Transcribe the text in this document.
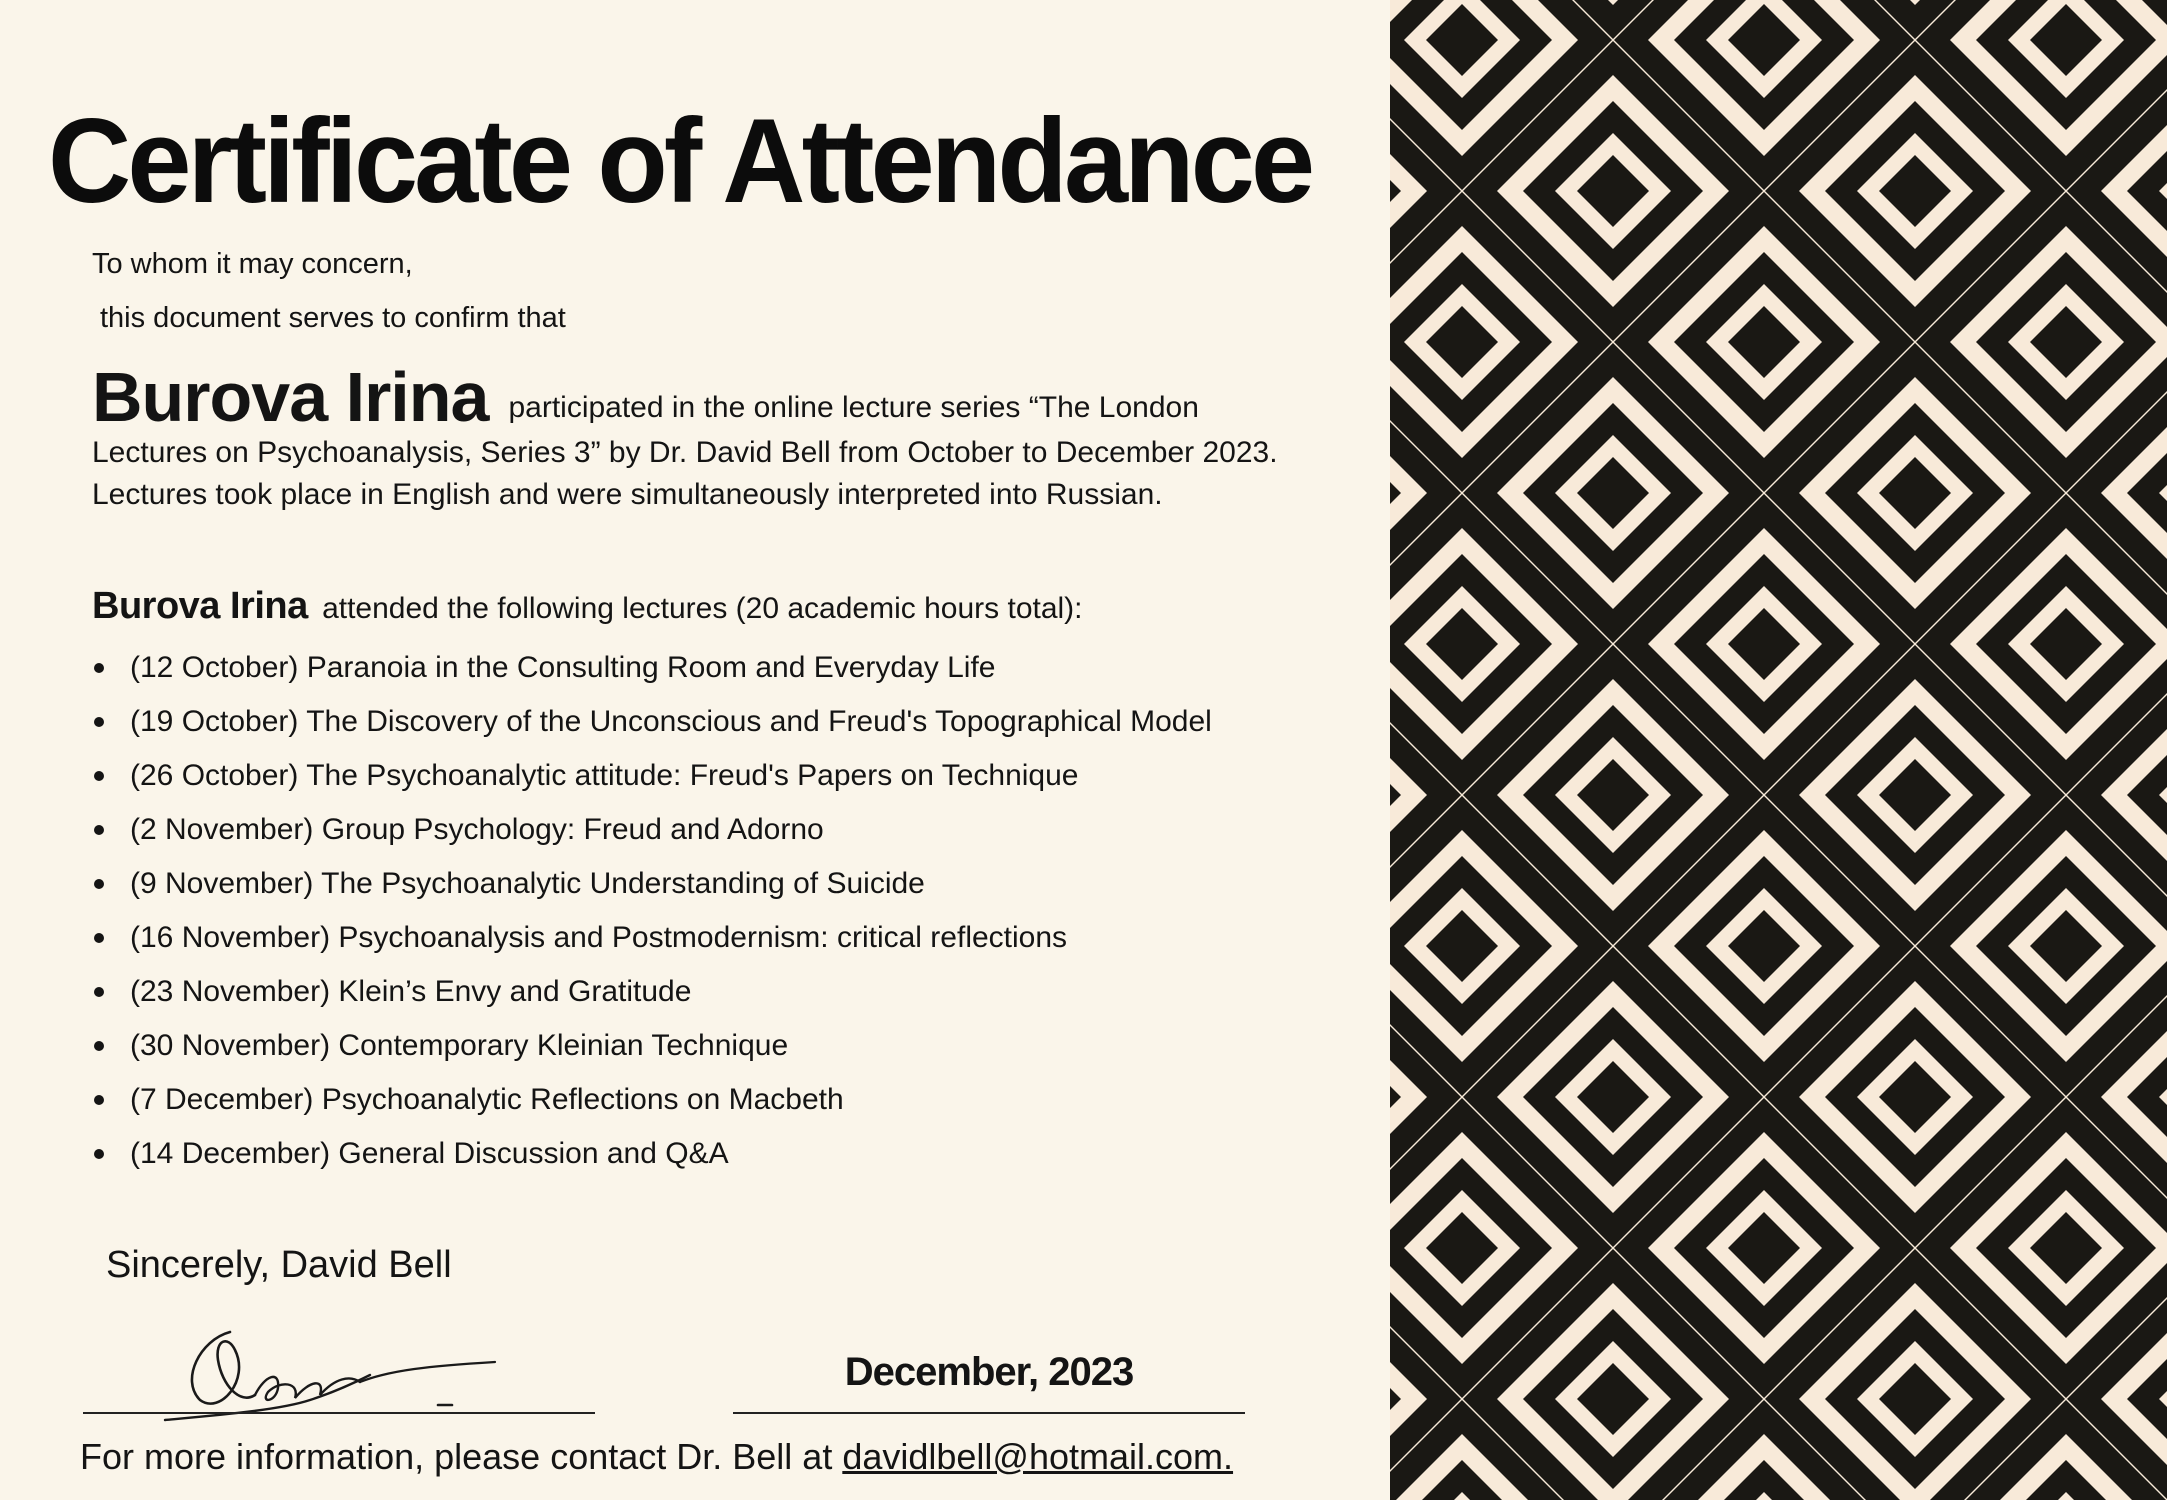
Certificate of Attendance
To whom it may concern,
this document serves to confirm that
Burova Irina participated in the online lecture series “The London
Lectures on Psychoanalysis, Series 3” by Dr. David Bell from October to December 2023.
Lectures took place in English and were simultaneously interpreted into Russian.
Burova Irina attended the following lectures (20 academic hours total):
(12 October) Paranoia in the Consulting Room and Everyday Life
(19 October) The Discovery of the Unconscious and Freud's Topographical Model
(26 October) The Psychoanalytic attitude: Freud's Papers on Technique
(2 November) Group Psychology: Freud and Adorno
(9 November) The Psychoanalytic Understanding of Suicide
(16 November) Psychoanalysis and Postmodernism: critical reflections
(23 November) Klein’s Envy and Gratitude
(30 November) Contemporary Kleinian Technique
(7 December) Psychoanalytic Reflections on Macbeth
(14 December) General Discussion and Q&A
Sincerely, David Bell
December, 2023
For more information, please contact Dr. Bell at davidlbell@hotmail.com.
